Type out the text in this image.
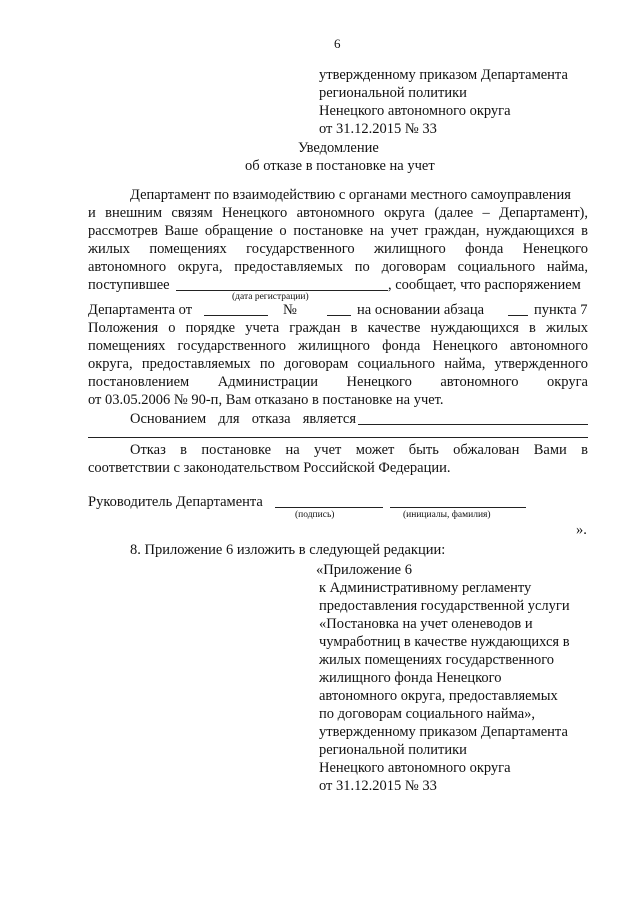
6
утвержденному приказом Департамента
региональной политики
Ненецкого автономного округа
от 31.12.2015 № 33
Уведомление
об отказе в постановке на учет
Департамент по взаимодействию с органами местного самоуправления
и внешним связям Ненецкого автономного округа (далее – Департамент),
рассмотрев Ваше обращение о постановке на учет граждан, нуждающихся в
жилых помещениях государственного жилищного фонда Ненецкого
автономного округа, предоставляемых по договорам социального найма,
поступившее	, сообщает, что распоряжением
(дата регистрации)
Департамента от	№	на основании абзаца	пункта 7
Положения о порядке учета граждан в качестве нуждающихся в жилых
помещениях государственного жилищного фонда Ненецкого автономного
округа, предоставляемых по договорам социального найма, утвержденного
постановлением Администрации Ненецкого автономного округа
от 03.05.2006 № 90-п, Вам отказано в постановке на учет.
Основанием для отказа является
Отказ в постановке на учет может быть обжалован Вами в
соответствии с законодательством Российской Федерации.
Руководитель Департамента
(подпись)	(инициалы, фамилия)
».
8. Приложение 6 изложить в следующей редакции:
«Приложение 6
к Административному регламенту
предоставления государственной услуги
«Постановка на учет оленеводов и
чумработниц в качестве нуждающихся в
жилых помещениях государственного
жилищного фонда Ненецкого
автономного округа, предоставляемых
по договорам социального найма»,
утвержденному приказом Департамента
региональной политики
Ненецкого автономного округа
от 31.12.2015 № 33
